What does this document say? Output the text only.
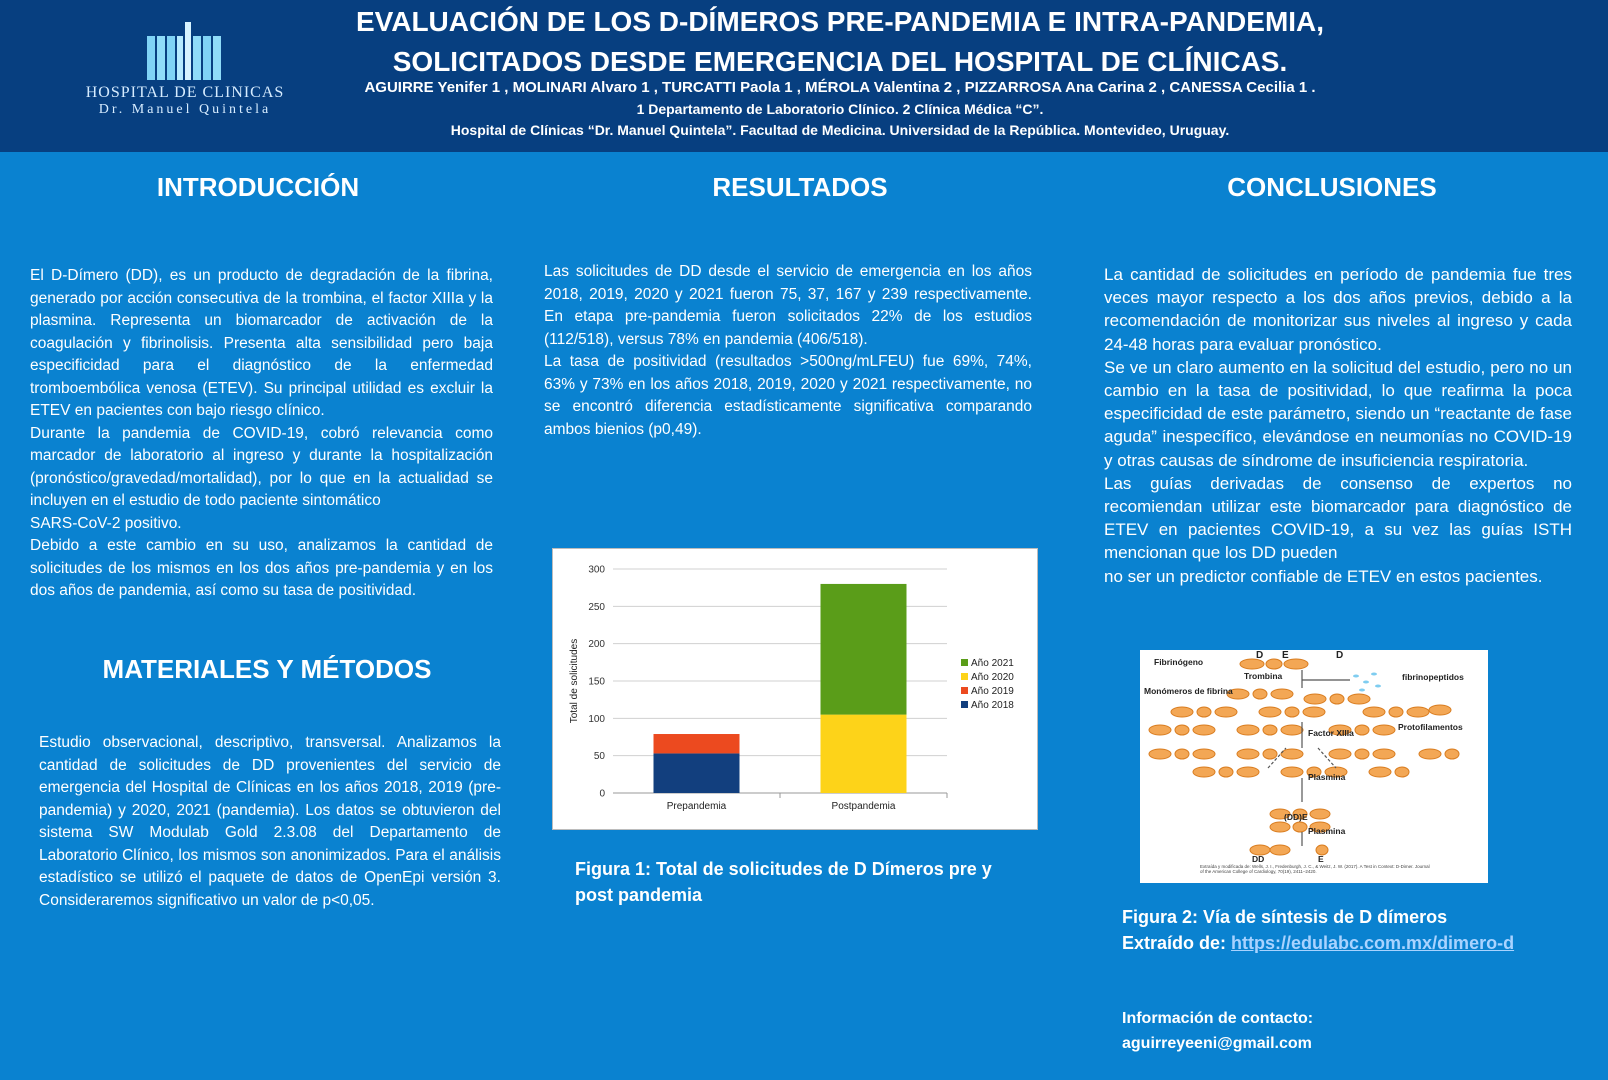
HOSPITAL DE CLINICAS
Dr. Manuel Quintela
EVALUACIÓN DE LOS D-DÍMEROS PRE-PANDEMIA E INTRA-PANDEMIA,
SOLICITADOS DESDE EMERGENCIA DEL HOSPITAL DE CLÍNICAS.
AGUIRRE Yenifer 1 , MOLINARI Alvaro 1 , TURCATTI Paola 1 , MÉROLA Valentina 2 , PIZZARROSA Ana Carina 2 , CANESSA Cecilia 1 .
1 Departamento de Laboratorio Clínico. 2 Clínica Médica “C”.
Hospital de Clínicas “Dr. Manuel Quintela”. Facultad de Medicina. Universidad de la República. Montevideo, Uruguay.
INTRODUCCIÓN	RESULTADOS	CONCLUSIONES

El D-Dímero (DD), es un producto de degradación de la fibrina, generado por acción consecutiva de la trombina, el factor XIIIa y la plasmina. Representa un biomarcador de activación de la coagulación y fibrinolisis. Presenta alta sensibilidad pero baja especificidad para el diagnóstico de la enfermedad tromboembólica venosa (ETEV). Su principal utilidad es excluir la ETEV en pacientes con bajo riesgo clínico.

Durante la pandemia de COVID-19, cobró relevancia como marcador de laboratorio al ingreso y durante la hospitalización (pronóstico/gravedad/mortalidad), por lo que en la actualidad se incluyen en el estudio de todo paciente sintomático

SARS-CoV-2 positivo.

Debido a este cambio en su uso, analizamos la cantidad de solicitudes de los mismos en los dos años pre-pandemia y en los dos años de pandemia, así como su tasa de positividad.

MATERIALES Y MÉTODOS

Estudio observacional, descriptivo, transversal. Analizamos la cantidad de solicitudes de DD provenientes del servicio de emergencia del Hospital de Clínicas en los años 2018, 2019 (pre-pandemia) y 2020, 2021 (pandemia). Los datos se obtuvieron del sistema SW Modulab Gold 2.3.08 del Departamento de Laboratorio Clínico, los mismos son anonimizados. Para el análisis estadístico se utilizó el paquete de datos de OpenEpi versión 3. Consideraremos significativo un valor de p<0,05.

Las solicitudes de DD desde el servicio de emergencia en los años 2018, 2019, 2020 y 2021 fueron 75, 37, 167 y 239 respectivamente. En etapa pre-pandemia fueron solicitados 22% de los estudios (112/518), versus 78% en pandemia (406/518).

La tasa de positividad (resultados >500ng/mLFEU) fue 69%, 74%, 63% y 73% en los años 2018, 2019, 2020 y 2021 respectivamente, no se encontró diferencia estadísticamente significativa comparando ambos bienios (p0,49).

0
50
100
150
200
250
300
Prepandemia	Postpandemia
Total de solicitudes	Año 2021
Año 2020
Año 2019
Año 2018
Figura 1: Total de solicitudes de D Dímeros pre y post pandemia

La cantidad de solicitudes en período de pandemia fue tres veces mayor respecto a los dos años previos, debido a la recomendación de monitorizar sus niveles al ingreso y cada 24-48 horas para evaluar pronóstico.

Se ve un claro aumento en la solicitud del estudio, pero no un cambio en la tasa de positividad, lo que reafirma la poca especificidad de este parámetro, siendo un “reactante de fase aguda” inespecífico, elevándose en neumonías no COVID-19 y otras causas de síndrome de insuficiencia respiratoria.

Las guías derivadas de consenso de expertos no recomiendan utilizar este biomarcador para diagnóstico de ETEV en pacientes COVID-19, a su vez las guías ISTH mencionan que los DD pueden

no ser un predictor confiable de ETEV en estos pacientes.

Fibrinógeno
D E	D
Trombina	fibrinopeptidos
Monómeros de fibrina
Protofilamentos
Factor XIIIa
Plasmina
(DD)E
Plasmina
DD	E
Extraída y modificada de: Wells, J. I., Fredenburgh, J. C., & Weitz, J. W. (2017). A Test in Context: D-Dimer. Journal of the American College of Cardiology, 70(19), 2411–2420.
Figura 2: Vía de síntesis de D dímeros
Extraído de: https://edulabc.com.mx/dimero-d
Información de contacto:
aguirreyeeni@gmail.com
